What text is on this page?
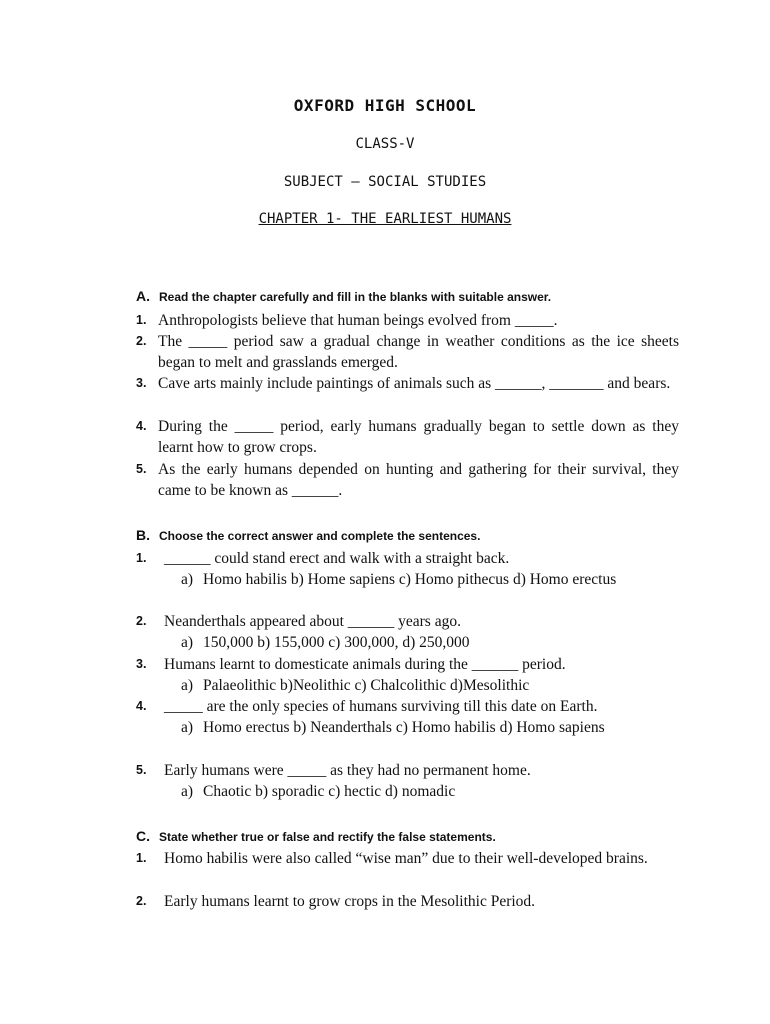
OXFORD HIGH SCHOOL
CLASS-V
SUBJECT – SOCIAL STUDIES
CHAPTER 1- THE EARLIEST HUMANS
A. Read the chapter carefully and fill in the blanks with suitable answer.
1. Anthropologists believe that human beings evolved from _____.
2. The _____ period saw a gradual change in weather conditions as the ice sheets began to melt and grasslands emerged.
3. Cave arts mainly include paintings of animals such as ______, _______ and bears.
4. During the _____ period, early humans gradually began to settle down as they learnt how to grow crops.
5. As the early humans depended on hunting and gathering for their survival, they came to be known as ______.
B. Choose the correct answer and complete the sentences.
1. ______ could stand erect and walk with a straight back.
a) Homo habilis b) Home sapiens c) Homo pithecus d) Homo erectus
2. Neanderthals appeared about ______ years ago.
a) 150,000 b) 155,000 c) 300,000, d) 250,000
3. Humans learnt to domesticate animals during the ______ period.
a) Palaeolithic b)Neolithic c) Chalcolithic d)Mesolithic
4. _____ are the only species of humans surviving till this date on Earth.
a) Homo erectus b) Neanderthals c) Homo habilis d) Homo sapiens
5. Early humans were _____ as they had no permanent home.
a) Chaotic b) sporadic c) hectic d) nomadic
C. State whether true or false and rectify the false statements.
1. Homo habilis were also called “wise man” due to their well-developed brains.
2. Early humans learnt to grow crops in the Mesolithic Period.
